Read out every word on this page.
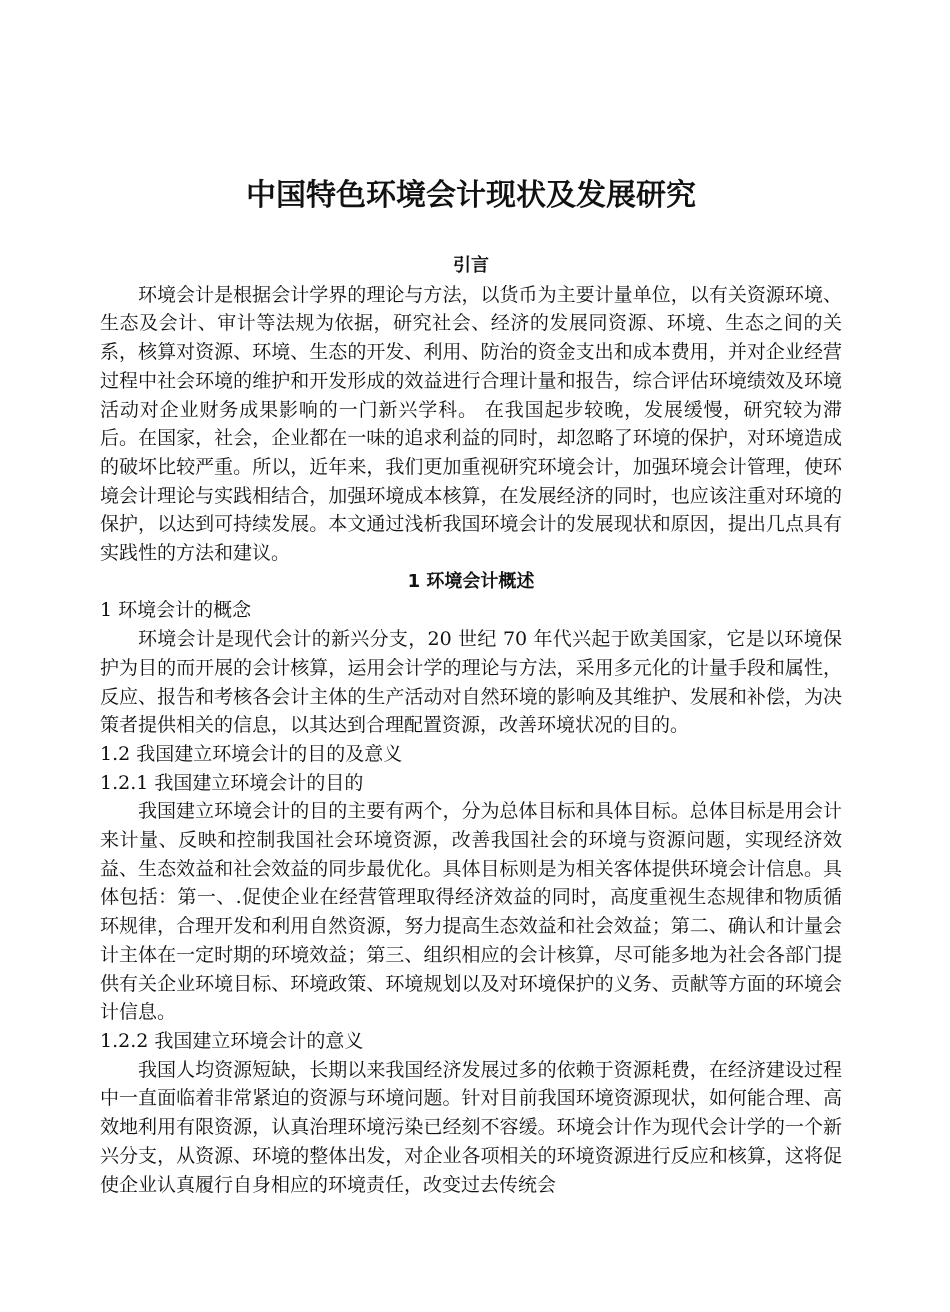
中国特色环境会计现状及发展研究

引言

环境会计是根据会计学界的理论与方法，以货币为主要计量单位，以有关资源环境、生态及会计、审计等法规为依据，研究社会、经济的发展同资源、环境、生态之间的关系，核算对资源、环境、生态的开发、利用、防治的资金支出和成本费用，并对企业经营过程中社会环境的维护和开发形成的效益进行合理计量和报告，综合评估环境绩效及环境活动对企业财务成果影响的一门新兴学科。 在我国起步较晚，发展缓慢，研究较为滞后。在国家，社会，企业都在一味的追求利益的同时，却忽略了环境的保护，对环境造成的破坏比较严重。所以，近年来，我们更加重视研究环境会计，加强环境会计管理，使环境会计理论与实践相结合，加强环境成本核算，在发展经济的同时，也应该注重对环境的保护，以达到可持续发展。本文通过浅析我国环境会计的发展现状和原因，提出几点具有实践性的方法和建议。

1 环境会计概述

1 环境会计的概念

环境会计是现代会计的新兴分支，20 世纪 70 年代兴起于欧美国家，它是以环境保护为目的而开展的会计核算，运用会计学的理论与方法，采用多元化的计量手段和属性，反应、报告和考核各会计主体的生产活动对自然环境的影响及其维护、发展和补偿，为决策者提供相关的信息，以其达到合理配置资源，改善环境状况的目的。

1.2 我国建立环境会计的目的及意义

1.2.1 我国建立环境会计的目的

我国建立环境会计的目的主要有两个，分为总体目标和具体目标。总体目标是用会计来计量、反映和控制我国社会环境资源，改善我国社会的环境与资源问题，实现经济效益、生态效益和社会效益的同步最优化。具体目标则是为相关客体提供环境会计信息。具体包括：第一、.促使企业在经营管理取得经济效益的同时，高度重视生态规律和物质循环规律，合理开发和利用自然资源，努力提高生态效益和社会效益；第二、确认和计量会计主体在一定时期的环境效益；第三、组织相应的会计核算，尽可能多地为社会各部门提供有关企业环境目标、环境政策、环境规划以及对环境保护的义务、贡献等方面的环境会计信息。

1.2.2 我国建立环境会计的意义

我国人均资源短缺，长期以来我国经济发展过多的依赖于资源耗费，在经济建设过程中一直面临着非常紧迫的资源与环境问题。针对目前我国环境资源现状，如何能合理、高效地利用有限资源，认真治理环境污染已经刻不容缓。环境会计作为现代会计学的一个新兴分支，从资源、环境的整体出发，对企业各项相关的环境资源进行反应和核算，这将促使企业认真履行自身相应的环境责任，改变过去传统会
